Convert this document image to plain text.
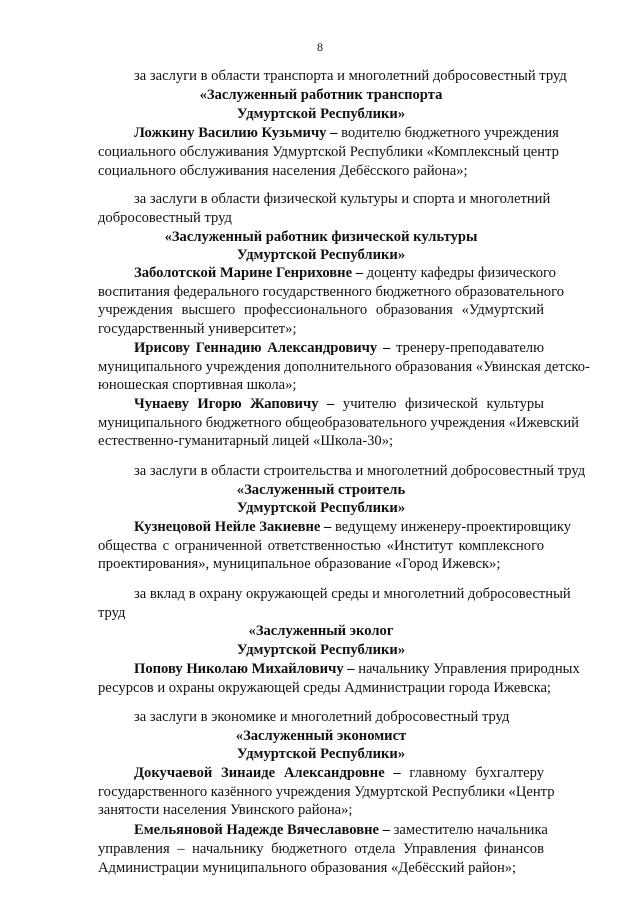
8
за заслуги в области транспорта и многолетний добросовестный труд
«Заслуженный работник транспорта
Удмуртской Республики»
Ложкину Василию Кузьмичу – водителю бюджетного учреждения
социального обслуживания Удмуртской Республики «Комплексный центр
социального обслуживания населения Дебёсского района»;
за заслуги в области физической культуры и спорта и многолетний
добросовестный труд
«Заслуженный работник физической культуры
Удмуртской Республики»
Заболотской Марине Генриховне – доценту кафедры физического
воспитания федерального государственного бюджетного образовательного
учреждения высшего профессионального образования «Удмуртский
государственный университет»;
Ирисову Геннадию Александровичу – тренеру-преподавателю
муниципального учреждения дополнительного образования «Увинская детско-
юношеская спортивная школа»;
Чунаеву Игорю Жаповичу – учителю физической культуры
муниципального бюджетного общеобразовательного учреждения «Ижевский
естественно-гуманитарный лицей «Школа-30»;
за заслуги в области строительства и многолетний добросовестный труд
«Заслуженный строитель
Удмуртской Республики»
Кузнецовой Нейле Закиевне – ведущему инженеру-проектировщику
общества с ограниченной ответственностью «Институт комплексного
проектирования», муниципальное образование «Город Ижевск»;
за вклад в охрану окружающей среды и многолетний добросовестный
труд
«Заслуженный эколог
Удмуртской Республики»
Попову Николаю Михайловичу – начальнику Управления природных
ресурсов и охраны окружающей среды Администрации города Ижевска;
за заслуги в экономике и многолетний добросовестный труд
«Заслуженный экономист
Удмуртской Республики»
Докучаевой Зинаиде Александровне – главному бухгалтеру
государственного казённого учреждения Удмуртской Республики «Центр
занятости населения Увинского района»;
Емельяновой Надежде Вячеславовне – заместителю начальника
управления – начальнику бюджетного отдела Управления финансов
Администрации муниципального образования «Дебёсский район»;
